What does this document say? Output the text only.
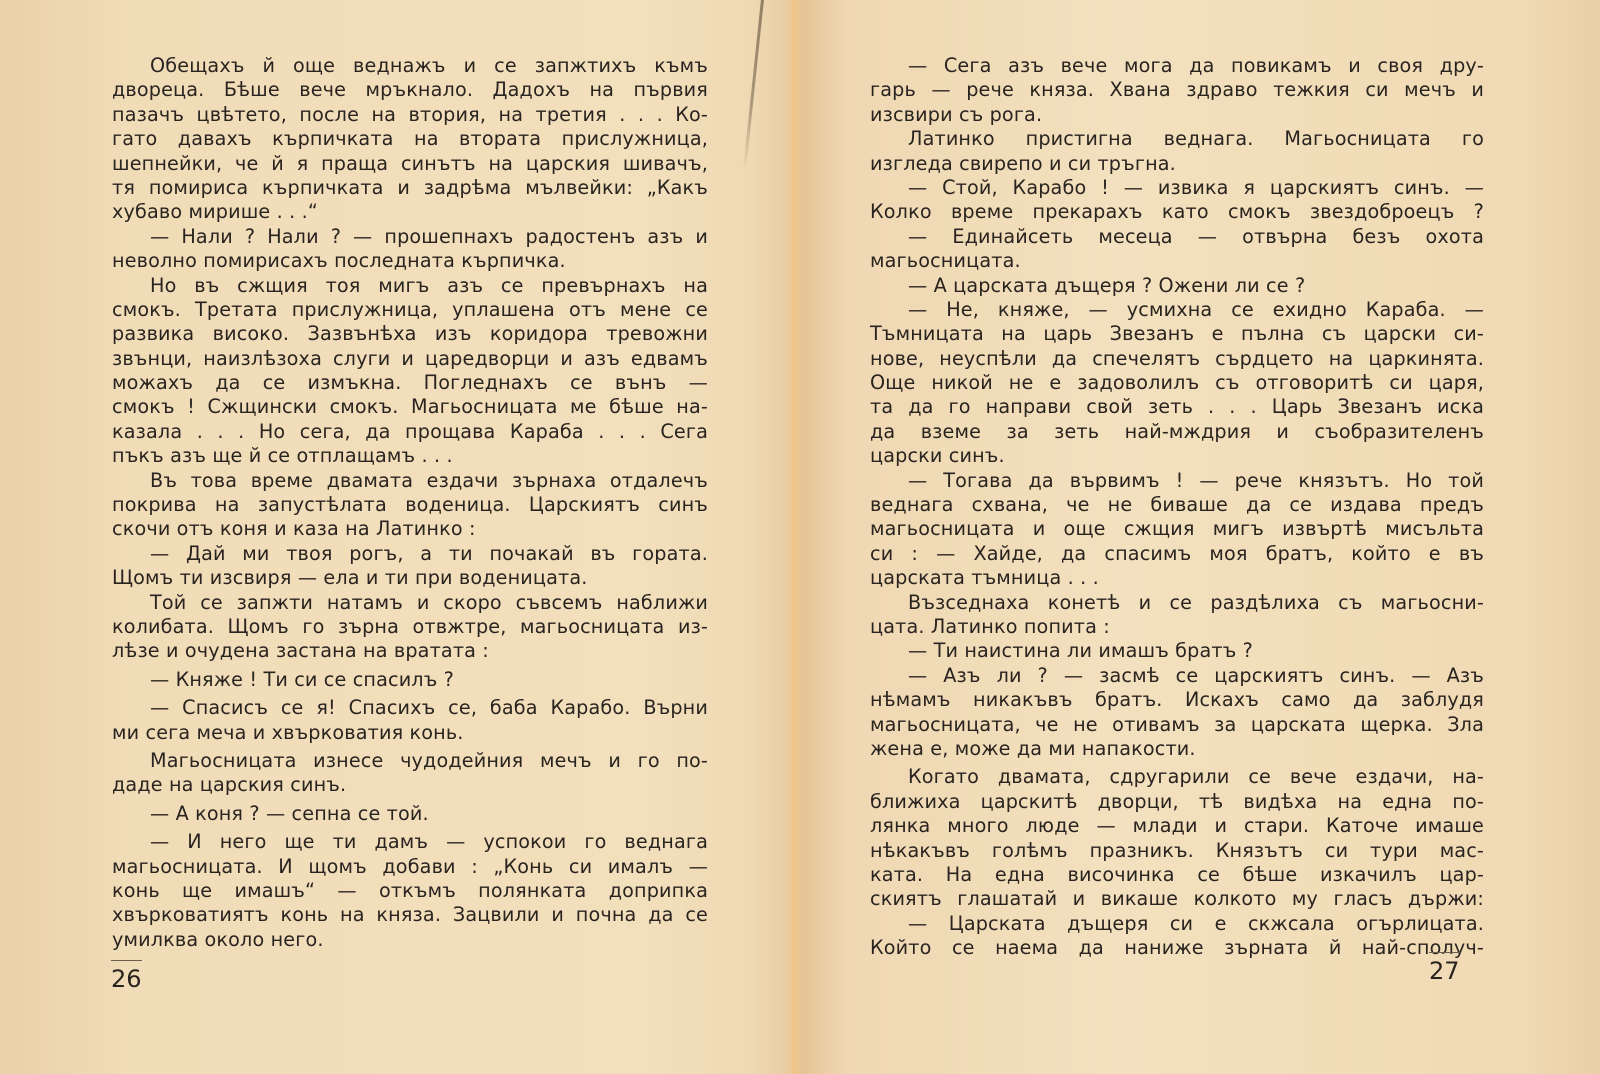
Обещахъ й още веднажъ и се запжтихъ къмъ
двореца. Бѣше вече мръкнало. Дадохъ на първия
пазачъ цвѣтето, после на втория, на третия . . . Ко-
гато давахъ кърпичката на втората прислужница,
шепнейки, че й я праща синътъ на царския шивачъ,
тя помириса кърпичката и задрѣма мълвейки: „Какъ
хубаво мирише . . .“
— Нали ? Нали ? — прошепнахъ радостенъ азъ и
неволно помирисахъ последната кърпичка.
Но въ сжщия тоя мигъ азъ се превърнахъ на
смокъ. Третата прислужница, уплашена отъ мене се
развика високо. Зазвънѣха изъ коридора тревожни
звънци, наизлѣзоха слуги и царедворци и азъ едвамъ
можахъ да се измъкна. Погледнахъ се вънъ —
смокъ ! Сжщински смокъ. Магьосницата ме бѣше на-
казала . . . Но сега, да прощава Караба . . . Сега
пъкъ азъ ще й се отплащамъ . . .
Въ това време двамата ездачи зърнаха отдалечъ
покрива на запустѣлата воденица. Царскиятъ синъ
скочи отъ коня и каза на Латинко :
— Дай ми твоя рогъ, а ти почакай въ гората.
Щомъ ти изсвиря — ела и ти при воденицата.
Той се запжти натамъ и скоро съвсемъ наближи
колибата. Щомъ го зърна отвжтре, магьосницата из-
лѣзе и очудена застана на вратата :
— Княже ! Ти си се спасилъ ?
— Спасисъ се я! Спасихъ се, баба Карабо. Върни
ми сега меча и хвърковатия конь.
Магьосницата изнесе чудодейния мечъ и го по-
даде на царския синъ.
— А коня ? — сепна се той.
— И него ще ти дамъ — успокои го веднага
магьосницата. И щомъ добави : „Конь си ималъ —
конь ще имашъ“ — откъмъ полянката доприпка
хвърковатиятъ конь на княза. Зацвили и почна да се
умилква около него.
26
— Сега азъ вече мога да повикамъ и своя дру-
гарь — рече княза. Хвана здраво тежкия си мечъ и
изсвири съ рога.
Латинко пристигна веднага. Магьосницата го
изгледа свирепо и си тръгна.
— Стой, Карабо ! — извика я царскиятъ синъ. —
Колко време прекарахъ като смокъ звездоброецъ ?
— Единайсеть месеца — отвърна безъ охота
магьосницата.
— А царската дъщеря ? Ожени ли се ?
— Не, княже, — усмихна се ехидно Караба. —
Тъмницата на царь Звезанъ е пълна съ царски си-
нове, неуспѣли да спечелятъ сърдцето на царкинята.
Още никой не е задоволилъ съ отговоритѣ си царя,
та да го направи свой зеть . . . Царь Звезанъ иска
да вземе за зеть най-мждрия и съобразителенъ
царски синъ.
— Тогава да вървимъ ! — рече князътъ. Но той
веднага схвана, че не биваше да се издава предъ
магьосницата и още сжщия мигъ извъртѣ мисъльта
си : — Хайде, да спасимъ моя братъ, който е въ
царската тъмница . . .
Възседнаха конетѣ и се раздѣлиха съ магьосни-
цата. Латинко попита :
— Ти наистина ли имашъ братъ ?
— Азъ ли ? — засмѣ се царскиятъ синъ. — Азъ
нѣмамъ никакъвъ братъ. Искахъ само да заблудя
магьосницата, че не отивамъ за царската щерка. Зла
жена е, може да ми напакости.
Когато двамата, сдругарили се вече ездачи, на-
ближиха царскитѣ дворци, тѣ видѣха на една по-
лянка много люде — млади и стари. Каточе имаше
нѣкакъвъ голѣмъ празникъ. Князътъ си тури мас-
ката. На една височинка се бѣше изкачилъ цар-
скиятъ глашатай и викаше колкото му гласъ държи:
— Царската дъщеря си е скжсала огърлицата.
Който се наема да наниже зърната й най-сполуч-
27
